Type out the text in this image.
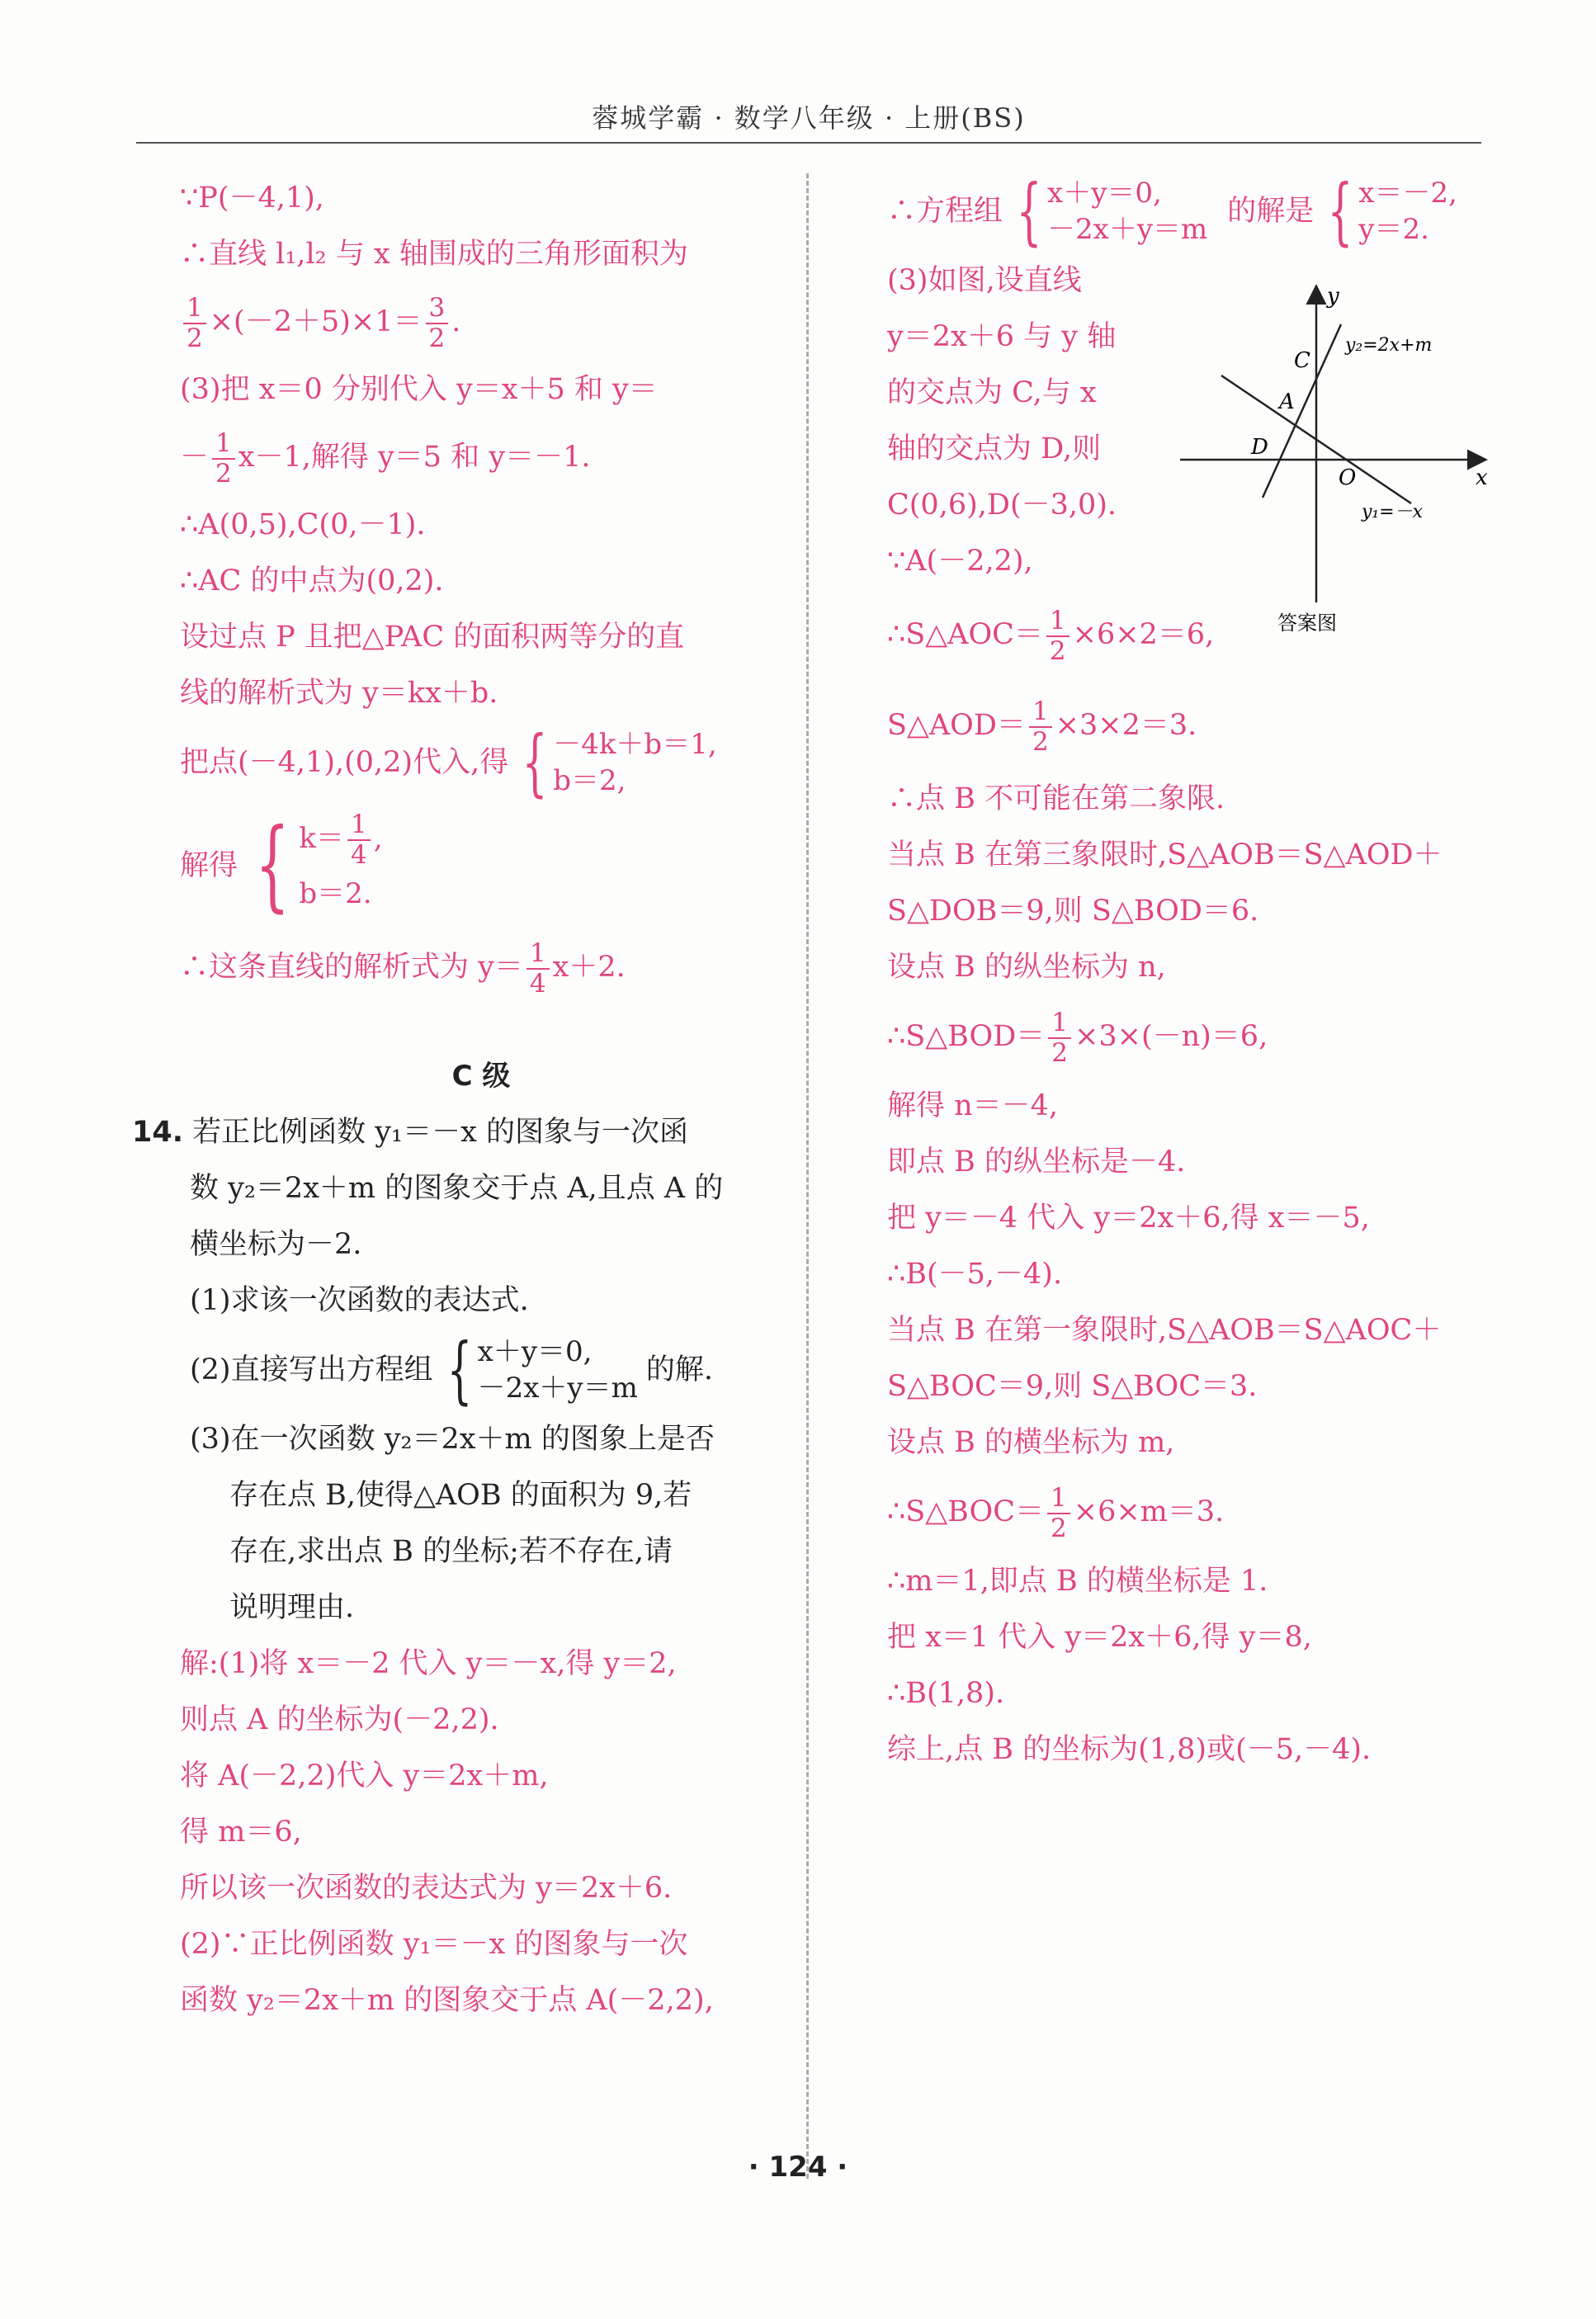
蓉城学霸 · 数学八年级 · 上册(BS)
∵P(－4,1),
∴直线 l₁,l₂ 与 x 轴围成的三角形面积为
$\frac{1}{2} \times(-2+5)\times 1= \frac{3}{2}$ .
(3)把 x＝0 分别代入 y＝x＋5 和 y＝
－ $\frac{1}{2} x-1$,解得 y＝5 和 y＝－1.
∴A(0,5),C(0,－1).
∴AC 的中点为(0,2).
设过点 P 且把△PAC 的面积两等分的直
线的解析式为 y＝kx＋b.
把点(－4,1),(0,2)代入,得 { －4k＋b＝1,
b＝2,
解得 { $k= \frac{1}{4}$ ,
b＝2.
∴这条直线的解析式为 $y= \frac{1}{4} x+2$.
C 级
14. 若正比例函数 y₁＝－x 的图象与一次函
数 y₂＝2x＋m 的图象交于点 A,且点 A 的
横坐标为－2.
(1)求该一次函数的表达式.
(2)直接写出方程组 { x＋y＝0,
－2x＋y＝m
的解.
(3)在一次函数 y₂＝2x＋m 的图象上是否
存在点 B,使得△AOB 的面积为 9,若
存在,求出点 B 的坐标;若不存在,请
说明理由.
解:(1)将 x＝－2 代入 y＝－x,得 y＝2,
则点 A 的坐标为(－2,2).
将 A(－2,2)代入 y＝2x＋m,
得 m＝6,
所以该一次函数的表达式为 y＝2x＋6.
(2)∵正比例函数 y₁＝－x 的图象与一次
函数 y₂＝2x＋m 的图象交于点 A(－2,2),
∴方程组 { x＋y＝0,
－2x＋y＝m
的解是 { x＝－2,
y＝2.
(3)如图,设直线
y＝2x＋6 与 y 轴
的交点为 C,与 x
轴的交点为 D,则
C(0,6),D(－3,0).
∵A(－2,2),
∴S△AOC＝ $\frac{1}{2} \times 6\times 2=6$,
S△AOD＝ $\frac{1}{2} \times 3\times 2=3$.
∴点 B 不可能在第二象限.
当点 B 在第三象限时,S△AOB＝S△AOD＋
S△DOB＝9,则 S△BOD＝6.
设点 B 的纵坐标为 n,
∴S△BOD＝ $\frac{1}{2} \times 3\times(-n)=6$,
解得 n＝－4,
即点 B 的纵坐标是－4.
把 y＝－4 代入 y＝2x＋6,得 x＝－5,
∴B(－5,－4).
当点 B 在第一象限时,S△AOB＝S△AOC＋
S△BOC＝9,则 S△BOC＝3.
设点 B 的横坐标为 m,
∴S△BOC＝ $\frac{1}{2} \times 6\times m=3$.
∴m＝1,即点 B 的横坐标是 1.
把 x＝1 代入 y＝2x＋6,得 y＝8,
∴B(1,8).
综上,点 B 的坐标为(1,8)或(－5,－4).
y
x
y₂=2x+m
y₁=－x
C
A
D
O
答案图
· 124 ·
